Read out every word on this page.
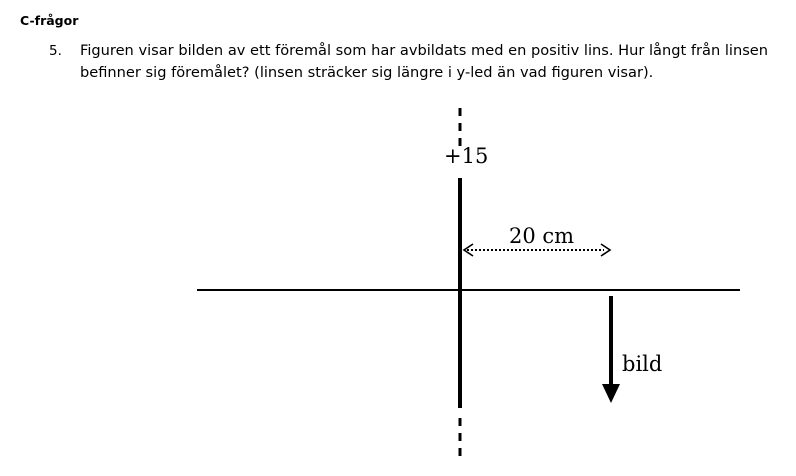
C-frågor
5. Figuren visar bilden av ett föremål som har avbildats med en positiv lins. Hur långt från linsen befinner sig föremålet? (linsen sträcker sig längre i y-led än vad figuren visar).
+15
20 cm
bild
